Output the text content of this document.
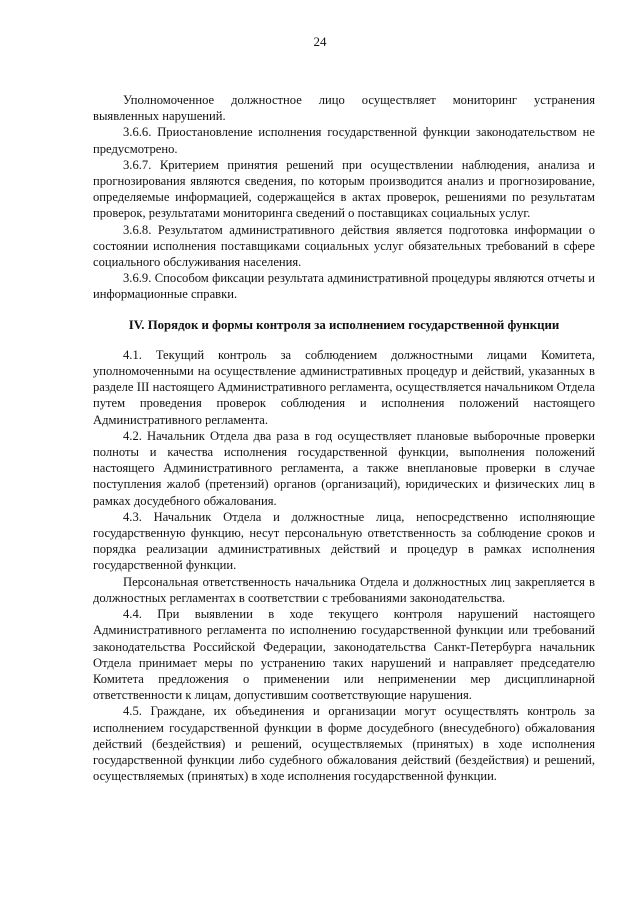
24

Уполномоченное должностное лицо осуществляет мониторинг устранения выявленных нарушений.

3.6.6. Приостановление исполнения государственной функции законодательством не предусмотрено.

3.6.7. Критерием принятия решений при осуществлении наблюдения, анализа и прогнозирования являются сведения, по которым производится анализ и прогнозирование, определяемые информацией, содержащейся в актах проверок, решениями по результатам проверок, результатами мониторинга сведений о поставщиках социальных услуг.

3.6.8. Результатом административного действия является подготовка информации о состоянии исполнения поставщиками социальных услуг обязательных требований в сфере социального обслуживания населения.

3.6.9. Способом фиксации результата административной процедуры являются отчеты и информационные справки.

IV. Порядок и формы контроля за исполнением государственной функции

4.1. Текущий контроль за соблюдением должностными лицами Комитета, уполномоченными на осуществление административных процедур и действий, указанных в разделе III настоящего Административного регламента, осуществляется начальником Отдела путем проведения проверок соблюдения и исполнения положений настоящего Административного регламента.

4.2. Начальник Отдела два раза в год осуществляет плановые выборочные проверки полноты и качества исполнения государственной функции, выполнения положений настоящего Административного регламента, а также внеплановые проверки в случае поступления жалоб (претензий) органов (организаций), юридических и физических лиц в рамках досудебного обжалования.

4.3. Начальник Отдела и должностные лица, непосредственно исполняющие государственную функцию, несут персональную ответственность за соблюдение сроков и порядка реализации административных действий и процедур в рамках исполнения государственной функции.

Персональная ответственность начальника Отдела и должностных лиц закрепляется в должностных регламентах в соответствии с требованиями законодательства.

4.4. При выявлении в ходе текущего контроля нарушений настоящего Административного регламента по исполнению государственной функции или требований законодательства Российской Федерации, законодательства Санкт-Петербурга начальник Отдела принимает меры по устранению таких нарушений и направляет председателю Комитета предложения о применении или неприменении мер дисциплинарной ответственности к лицам, допустившим соответствующие нарушения.

4.5. Граждане, их объединения и организации могут осуществлять контроль за исполнением государственной функции в форме досудебного (внесудебного) обжалования действий (бездействия) и решений, осуществляемых (принятых) в ходе исполнения государственной функции либо судебного обжалования действий (бездействия) и решений, осуществляемых (принятых) в ходе исполнения государственной функции.
